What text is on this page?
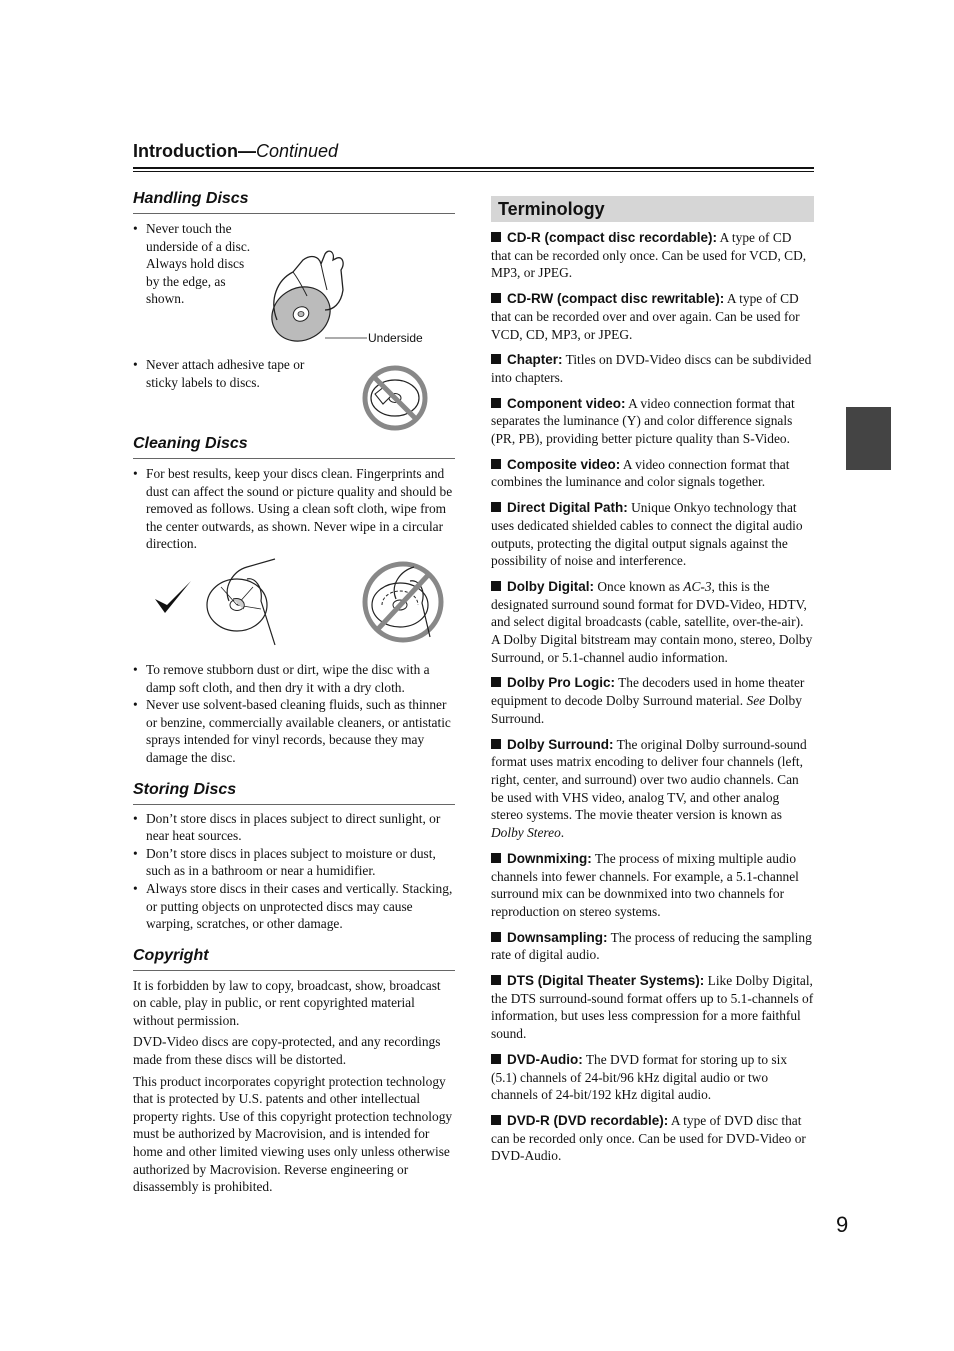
Introduction—Continued
Handling Discs
• Never touch the underside of a disc. Always hold discs by the edge, as shown.
Underside
• Never attach adhesive tape or sticky labels to discs.
Cleaning Discs
• For best results, keep your discs clean. Fingerprints and dust can affect the sound or picture quality and should be removed as follows. Using a clean soft cloth, wipe from the center outwards, as shown. Never wipe in a circular direction.
• To remove stubborn dust or dirt, wipe the disc with a damp soft cloth, and then dry it with a dry cloth.
• Never use solvent-based cleaning fluids, such as thinner or benzine, commercially available cleaners, or antistatic sprays intended for vinyl records, because they may damage the disc.
Storing Discs
• Don’t store discs in places subject to direct sunlight, or near heat sources.
• Don’t store discs in places subject to moisture or dust, such as in a bathroom or near a humidifier.
• Always store discs in their cases and vertically. Stacking, or putting objects on unprotected discs may cause warping, scratches, or other damage.
Copyright

It is forbidden by law to copy, broadcast, show, broadcast on cable, play in public, or rent copyrighted material without permission.

DVD-Video discs are copy-protected, and any recordings made from these discs will be distorted.

This product incorporates copyright protection technology that is protected by U.S. patents and other intellectual property rights. Use of this copyright protection technology must be authorized by Macrovision, and is intended for home and other limited viewing uses only unless otherwise authorized by Macrovision. Reverse engineering or disassembly is prohibited.

Terminology
CD-R (compact disc recordable): A type of CD that can be recorded only once. Can be used for VCD, CD, MP3, or JPEG.
CD-RW (compact disc rewritable): A type of CD that can be recorded over and over again. Can be used for VCD, CD, MP3, or JPEG.
Chapter: Titles on DVD-Video discs can be subdivided into chapters.
Component video: A video connection format that separates the luminance (Y) and color difference signals (PR, PB), providing better picture quality than S-Video.
Composite video: A video connection format that combines the luminance and color signals together.
Direct Digital Path: Unique Onkyo technology that uses dedicated shielded cables to connect the digital audio outputs, protecting the digital output signals against the possibility of noise and interference.
Dolby Digital: Once known as AC-3, this is the designated surround sound format for DVD-Video, HDTV, and select digital broadcasts (cable, satellite, over-the-air). A Dolby Digital bitstream may contain mono, stereo, Dolby Surround, or 5.1-channel audio information.
Dolby Pro Logic: The decoders used in home theater equipment to decode Dolby Surround material. See Dolby Surround.
Dolby Surround: The original Dolby surround-sound format uses matrix encoding to deliver four channels (left, right, center, and surround) over two audio channels. Can be used with VHS video, analog TV, and other analog stereo systems. The movie theater version is known as Dolby Stereo.
Downmixing: The process of mixing multiple audio channels into fewer channels. For example, a 5.1-channel surround mix can be downmixed into two channels for reproduction on stereo systems.
Downsampling: The process of reducing the sampling rate of digital audio.
DTS (Digital Theater Systems): Like Dolby Digital, the DTS surround-sound format offers up to 5.1-channels of information, but uses less compression for a more faithful sound.
DVD-Audio: The DVD format for storing up to six (5.1) channels of 24-bit/96 kHz digital audio or two channels of 24-bit/192 kHz digital audio.
DVD-R (DVD recordable): A type of DVD disc that can be recorded only once. Can be used for DVD-Video or DVD-Audio.
9
